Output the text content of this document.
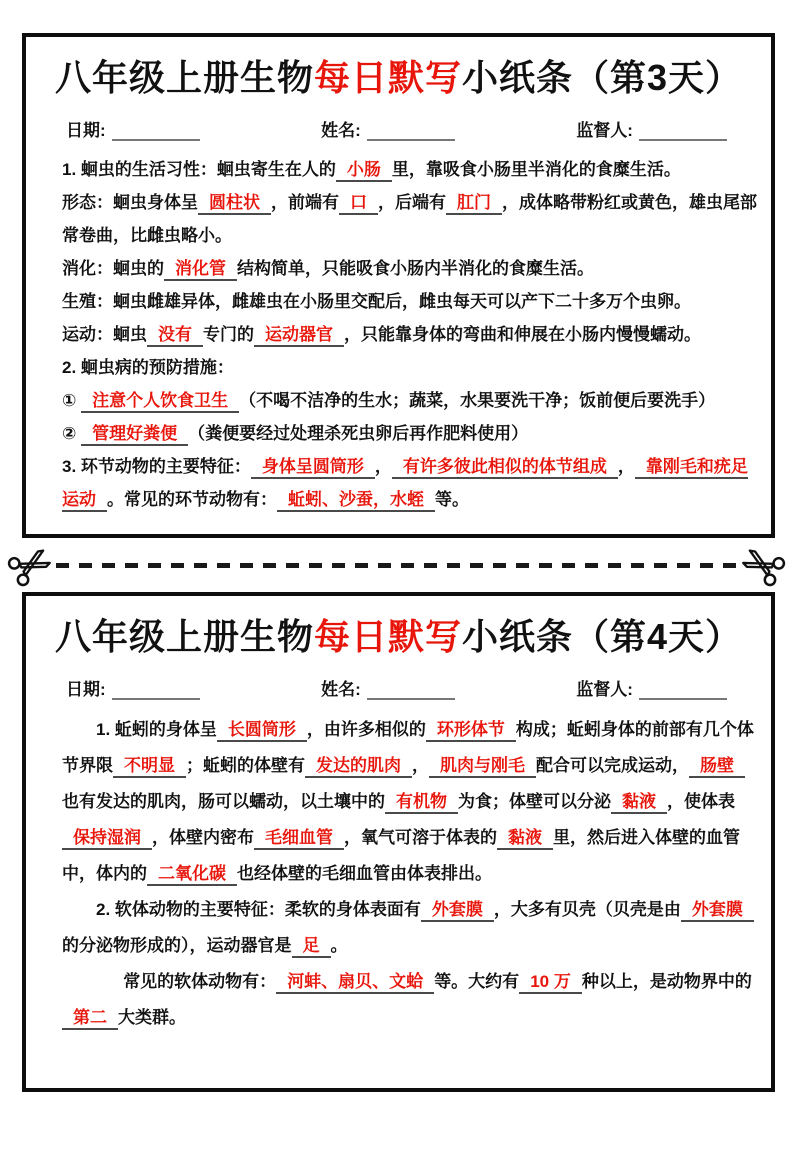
八年级上册生物每日默写小纸条（第3天）
日期:	姓名:	监督人:

1. 蛔虫的生活习性：蛔虫寄生在人的 小肠 里，靠吸食小肠里半消化的食糜生活。

形态：蛔虫身体呈 圆柱状 ，前端有 口 ，后端有 肛门 ，成体略带粉红或黄色，雄虫尾部常卷曲，比雌虫略小。

消化：蛔虫的 消化管 结构简单，只能吸食小肠内半消化的食糜生活。

生殖：蛔虫雌雄异体，雌雄虫在小肠里交配后，雌虫每天可以产下二十多万个虫卵。

运动：蛔虫 没有 专门的 运动器官 ，只能靠身体的弯曲和伸展在小肠内慢慢蠕动。

2. 蛔虫病的预防措施：

① 注意个人饮食卫生 （不喝不洁净的生水；蔬菜，水果要洗干净；饭前便后要洗手）

② 管理好粪便 （粪便要经过处理杀死虫卵后再作肥料使用）

3. 环节动物的主要特征： 身体呈圆筒形 ， 有许多彼此相似的体节组成 ， 靠刚毛和疣足运动 。常见的环节动物有： 蚯蚓、沙蚕，水蛭 等。

八年级上册生物每日默写小纸条（第4天）
日期:	姓名:	监督人:

1. 蚯蚓的身体呈 长圆筒形 ，由许多相似的 环形体节 构成；蚯蚓身体的前部有几个体节界限 不明显 ；蚯蚓的体壁有 发达的肌肉 ， 肌肉与刚毛 配合可以完成运动， 肠壁也有发达的肌肉，肠可以蠕动，以土壤中的 有机物 为食；体壁可以分泌 黏液 ，使体表保持湿润 ，体壁内密布 毛细血管 ，氧气可溶于体表的 黏液 里，然后进入体壁的血管中，体内的 二氧化碳 也经体壁的毛细血管由体表排出。

2. 软体动物的主要特征：柔软的身体表面有 外套膜 ，大多有贝壳（贝壳是由 外套膜的分泌物形成的），运动器官是 足 。

常见的软体动物有： 河蚌、扇贝、文蛤 等。大约有 10 万 种以上，是动物界中的第二 大类群。
